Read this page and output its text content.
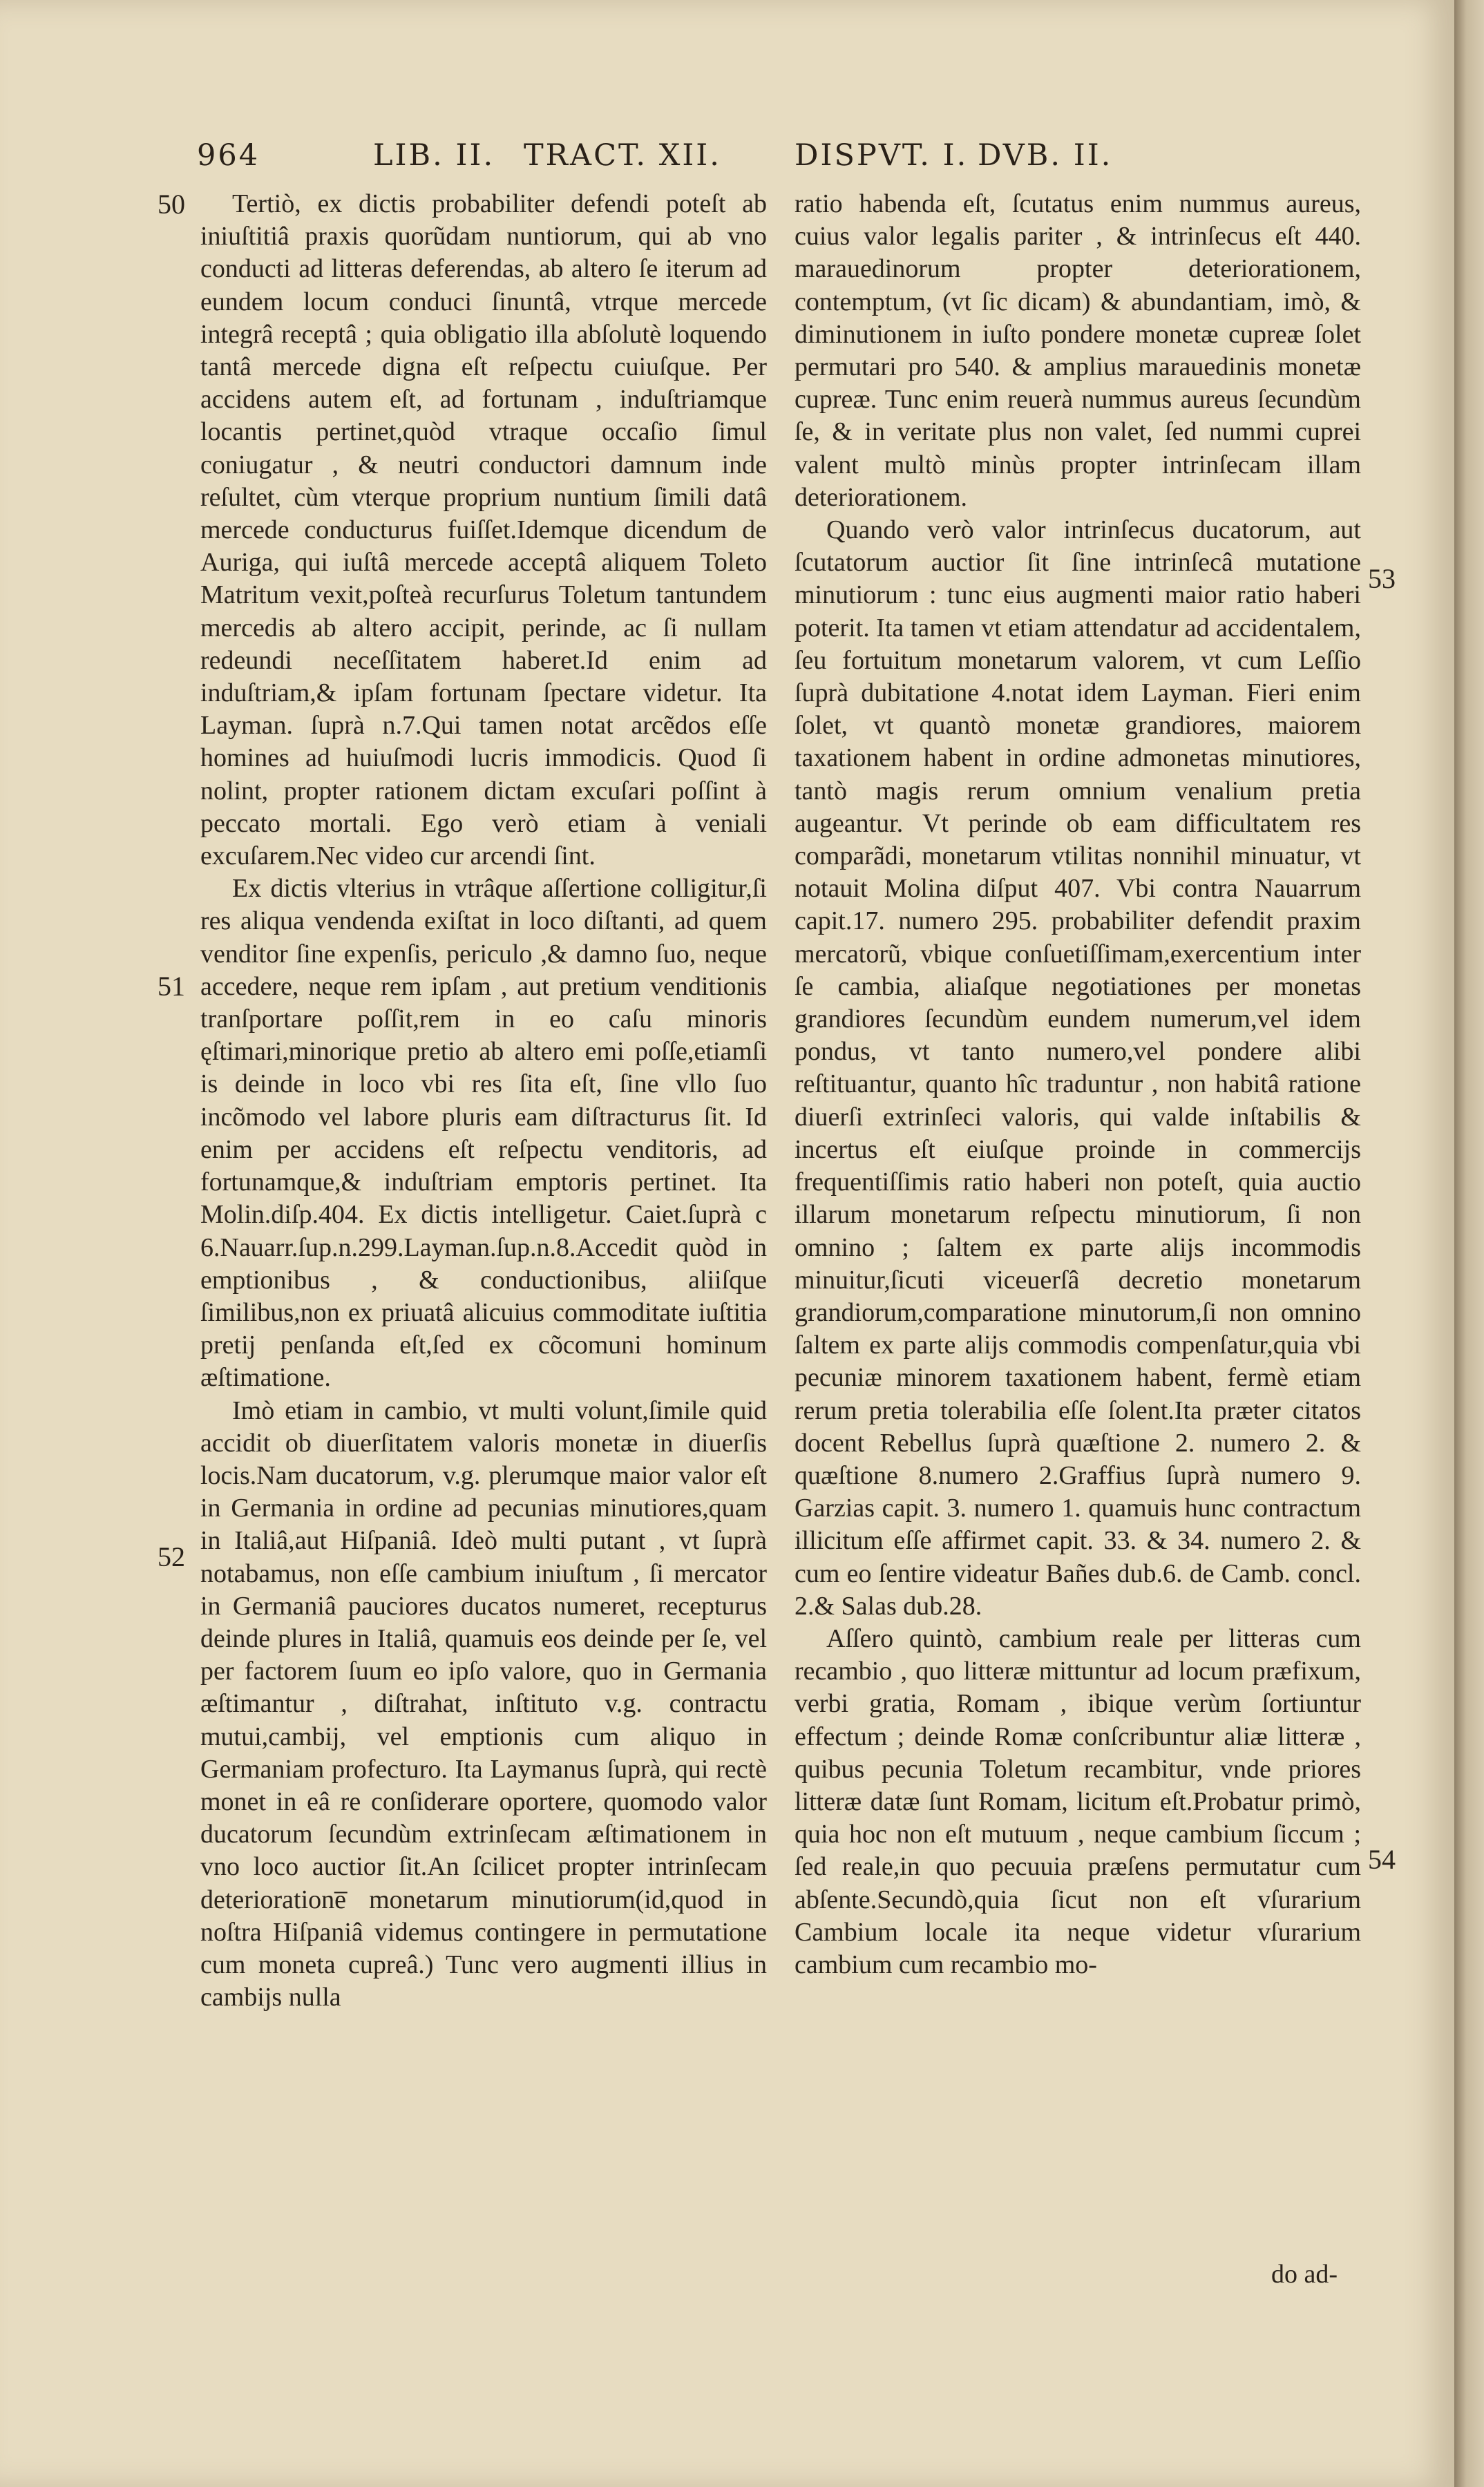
964	LIB. II. TRACT. XII. DISPVT. I. DVB. II.
50
51
52
53
54

Tertiò, ex dictis probabiliter defendi poteſt ab iniuſtitiâ praxis quorũdam nuntiorum, qui ab vno conducti ad litteras deferendas, ab altero ſe iterum ad eundem locum conduci ſinuntâ, vtrque mercede integrâ receptâ ; quia obligatio illa abſolutè loquendo tantâ mercede digna eſt reſpectu cuiuſque. Per accidens autem eſt, ad fortunam , induſtriamque locantis pertinet,quòd vtraque occaſio ſimul coniugatur , & neutri conductori damnum inde reſultet, cùm vterque proprium nuntium ſimili datâ mercede conducturus fuiſſet.Idemque dicendum de Auriga, qui iuſtâ mercede acceptâ aliquem Toleto Matritum vexit,poſteà recurſurus Toletum tantundem mercedis ab altero accipit, perinde, ac ſi nullam redeundi neceſſitatem haberet.Id enim ad induſtriam,& ipſam fortunam ſpectare videtur. Ita Layman. ſuprà n.7.Qui tamen notat arcẽdos eſſe homines ad huiuſmodi lucris immodicis. Quod ſi nolint, propter rationem dictam excuſari poſſint à peccato mortali. Ego verò etiam à veniali excuſarem.Nec video cur arcendi ſint.

Ex dictis vlterius in vtrâque aſſertione colligitur,ſi res aliqua vendenda exiſtat in loco diſtanti, ad quem venditor ſine expenſis, periculo ,& damno ſuo, neque accedere, neque rem ipſam , aut pretium venditionis tranſportare poſſit,rem in eo caſu minoris ęſtimari,minorique pretio ab altero emi poſſe,etiamſi is deinde in loco vbi res ſita eſt, ſine vllo ſuo incõmodo vel labore pluris eam diſtracturus ſit. Id enim per accidens eſt reſpectu venditoris, ad fortunamque,& induſtriam emptoris pertinet. Ita Molin.diſp.404. Ex dictis intelligetur. Caiet.ſuprà c 6.Nauarr.ſup.n.299.Layman.ſup.n.8.Accedit quòd in emptionibus , & conductionibus, aliiſque ſimilibus,non ex priuatâ alicuius commoditate iuſtitia pretij penſanda eſt,ſed ex cõcomuni hominum æſtimatione.

Imò etiam in cambio, vt multi volunt,ſimile quid accidit ob diuerſitatem valoris monetæ in diuerſis locis.Nam ducatorum, v.g. plerumque maior valor eſt in Germania in ordine ad pecunias minutiores,quam in Italiâ,aut Hiſpaniâ. Ideò multi putant , vt ſuprà notabamus, non eſſe cambium iniuſtum , ſi mercator in Germaniâ pauciores ducatos numeret, recepturus deinde plures in Italiâ, quamuis eos deinde per ſe, vel per factorem ſuum eo ipſo valore, quo in Germania æſtimantur , diſtrahat, inſtituto v.g. contractu mutui,cambij, vel emptionis cum aliquo in Germaniam profecturo. Ita Laymanus ſuprà, qui rectè monet in eâ re conſiderare oportere, quomodo valor ducatorum ſecundùm extrinſecam æſtimationem in vno loco auctior ſit.An ſcilicet propter intrinſecam deterioratione̅ monetarum minutiorum(id,quod in noſtra Hiſpaniâ videmus contingere in permutatione cum moneta cupreâ.) Tunc vero augmenti illius in cambijs nulla

ratio habenda eſt, ſcutatus enim nummus aureus, cuius valor legalis pariter , & intrinſecus eſt 440. marauedinorum propter deteriorationem, contemptum, (vt ſic dicam) & abundantiam, imò, & diminutionem in iuſto pondere monetæ cupreæ ſolet permutari pro 540. & amplius marauedinis monetæ cupreæ. Tunc enim reuerà nummus aureus ſecundùm ſe, & in veritate plus non valet, ſed nummi cuprei valent multò minùs propter intrinſecam illam deteriorationem.

Quando verò valor intrinſecus ducatorum, aut ſcutatorum auctior ſit ſine intrinſecâ mutatione minutiorum : tunc eius augmenti maior ratio haberi poterit. Ita tamen vt etiam attendatur ad accidentalem, ſeu fortuitum monetarum valorem, vt cum Leſſio ſuprà dubitatione 4.notat idem Layman. Fieri enim ſolet, vt quantò monetæ grandiores, maiorem taxationem habent in ordine admonetas minutiores, tantò magis rerum omnium venalium pretia augeantur. Vt perinde ob eam difficultatem res comparãdi, monetarum vtilitas nonnihil minuatur, vt notauit Molina diſput 407. Vbi contra Nauarrum capit.17. numero 295. probabiliter defendit praxim mercatorũ, vbique conſuetiſſimam,exercentium inter ſe cambia, aliaſque negotiationes per monetas grandiores ſecundùm eundem numerum,vel idem pondus, vt tanto numero,vel pondere alibi reſtituantur, quanto hîc traduntur , non habitâ ratione diuerſi extrinſeci valoris, qui valde inſtabilis & incertus eſt eiuſque proinde in commercijs frequentiſſimis ratio haberi non poteſt, quia auctio illarum monetarum reſpectu minutiorum, ſi non omnino ; ſaltem ex parte alijs incommodis minuitur,ſicuti viceuerſâ decretio monetarum grandiorum,comparatione minutorum,ſi non omnino ſaltem ex parte alijs commodis compenſatur,quia vbi pecuniæ minorem taxationem habent, fermè etiam rerum pretia tolerabilia eſſe ſolent.Ita præter citatos docent Rebellus ſuprà quæſtione 2. numero 2. & quæſtione 8.numero 2.Graffius ſuprà numero 9. Garzias capit. 3. numero 1. quamuis hunc contractum illicitum eſſe affirmet capit. 33. & 34. numero 2. & cum eo ſentire videatur Bañes dub.6. de Camb. concl. 2.& Salas dub.28.

Aſſero quintò, cambium reale per litteras cum recambio , quo litteræ mittuntur ad locum præfixum, verbi gratia, Romam , ibique verùm ſortiuntur effectum ; deinde Romæ conſcribuntur aliæ litteræ , quibus pecunia Toletum recambitur, vnde priores litteræ datæ ſunt Romam, licitum eſt.Probatur primò, quia hoc non eſt mutuum , neque cambium ſiccum ; ſed reale,in quo pecuuia præſens permutatur cum abſente.Secundò,quia ſicut non eſt vſurarium Cambium locale ita neque videtur vſurarium cambium cum recambio mo-

do ad-
